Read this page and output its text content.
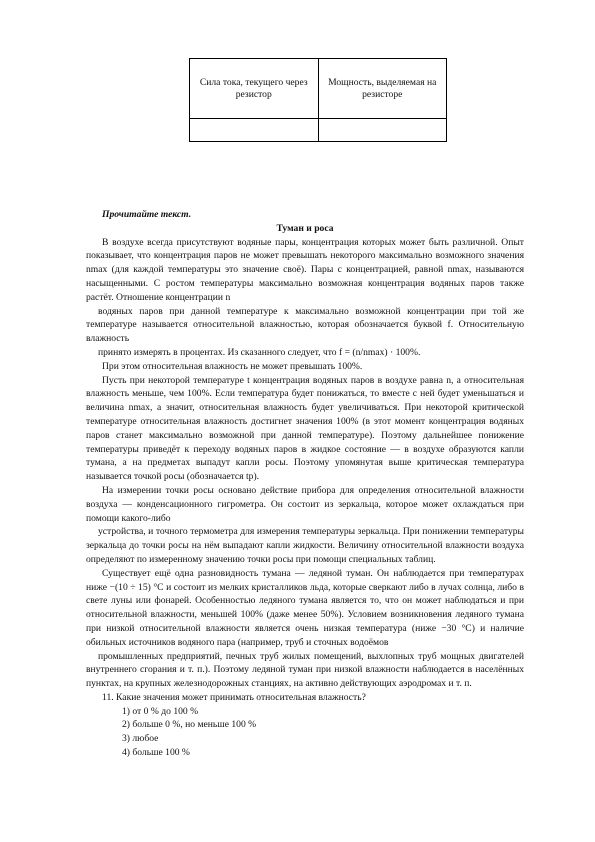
Сила тока, текущего через резистор	Мощность, выделяемая на резисторе

Прочитайте текст.

Туман и роса

В воздухе всегда присутствуют водяные пары, концентрация которых может быть различной. Опыт показывает, что концентрация паров не может превышать некоторого максимально возможного значения nmax (для каждой температуры это значение своё). Пары с концентрацией, равной nmax, называются насыщенными. С ростом температуры максимально возможная концентрация водяных паров также растёт. Отношение концентрации n

водяных паров при данной температуре к максимально возможной концентрации при той же температуре называется относительной влажностью, которая обозначается буквой f. Относительную влажность

принято измерять в процентах. Из сказанного следует, что f = (n/nmax) · 100%.

При этом относительная влажность не может превышать 100%.

Пусть при некоторой температуре t концентрация водяных паров в воздухе равна n, а относительная влажность меньше, чем 100%. Если температура будет понижаться, то вместе с ней будет уменьшаться и величина nmax, а значит, относительная влажность будет увеличиваться. При некоторой критической температуре относительная влажность достигнет значения 100% (в этот момент концентрация водяных паров станет максимально возможной при данной температуре). Поэтому дальнейшее понижение температуры приведёт к переходу водяных паров в жидкое состояние — в воздухе образуются капли тумана, а на предметах выпадут капли росы. Поэтому упомянутая выше критическая температура называется точкой росы (обозначается tр).

На измерении точки росы основано действие прибора для определения относительной влажности воздуха — конденсационного гигрометра. Он состоит из зеркальца, которое может охлаждаться при помощи какого-либо

устройства, и точного термометра для измерения температуры зеркальца. При понижении температуры зеркальца до точки росы на нём выпадают капли жидкости. Величину относительной влажности воздуха определяют по измеренному значению точки росы при помощи специальных таблиц.

Существует ещё одна разновидность тумана — ледяной туман. Он наблюдается при температурах ниже −(10 ÷ 15) °С и состоит из мелких кристалликов льда, которые сверкают либо в лучах солнца, либо в свете луны или фонарей. Особенностью ледяного тумана является то, что он может наблюдаться и при относительной влажности, меньшей 100% (даже менее 50%). Условием возникновения ледяного тумана при низкой относительной влажности является очень низкая температура (ниже −30 °С) и наличие обильных источников водяного пара (например, труб и сточных водоёмов

промышленных предприятий, печных труб жилых помещений, выхлопных труб мощных двигателей внутреннего сгорания и т. п.). Поэтому ледяной туман при низкой влажности наблюдается в населённых пунктах, на крупных железнодорожных станциях, на активно действующих аэродромах и т. п.

11. Какие значения может принимать относительная влажность?

1) от 0 % до 100 %

2) больше 0 %, но меньше 100 %

3) любое

4) больше 100 %
